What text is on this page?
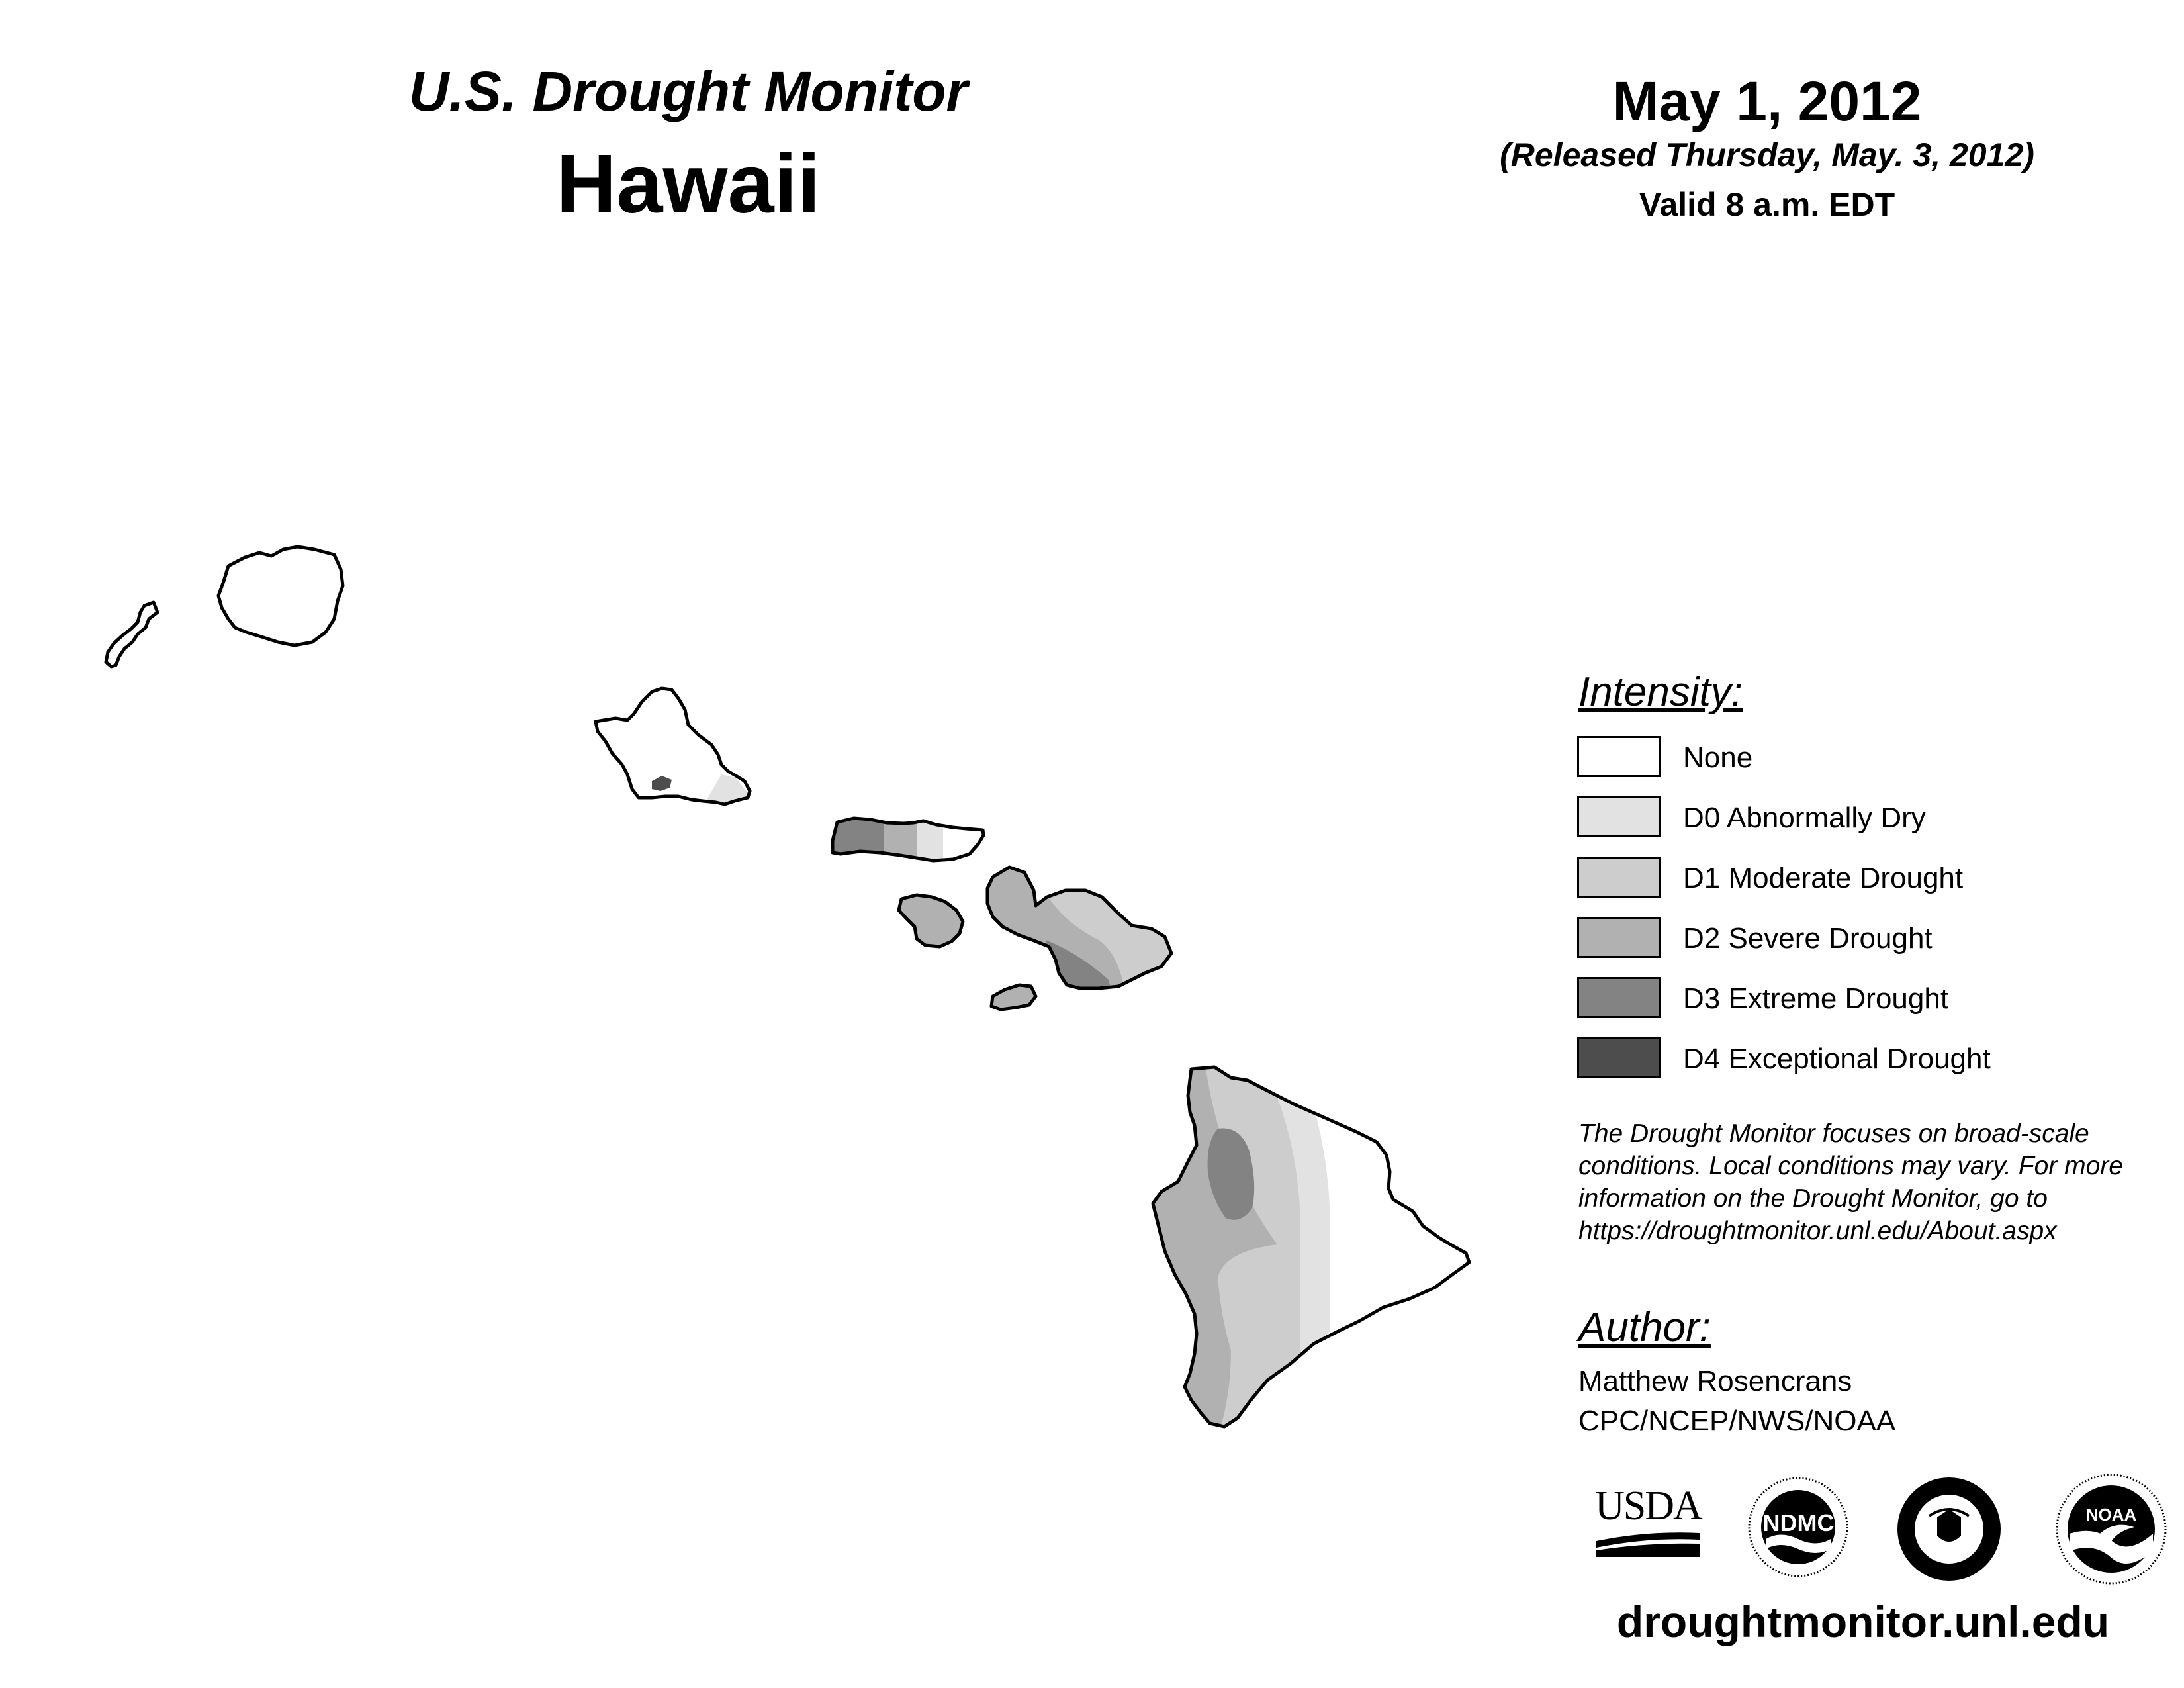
U.S. Drought Monitor
Hawaii
May 1, 2012
(Released Thursday, May. 3, 2012)
Valid 8 a.m. EDT
Intensity:
None
D0 Abnormally Dry
D1 Moderate Drought
D2 Severe Drought
D3 Extreme Drought
D4 Exceptional Drought
The Drought Monitor focuses on broad-scale
conditions. Local conditions may vary. For more
information on the Drought Monitor, go to
https://droughtmonitor.unl.edu/About.aspx
Author:
Matthew Rosencrans
CPC/NCEP/NWS/NOAA
USDA	NDMC	NOAA
droughtmonitor.unl.edu
